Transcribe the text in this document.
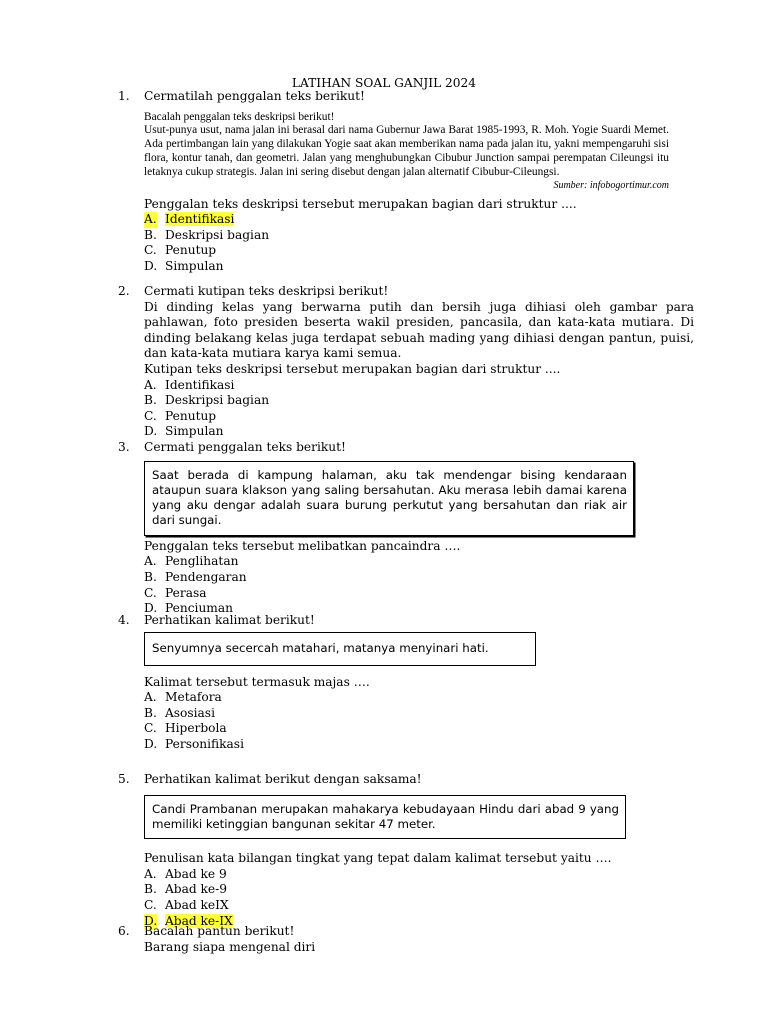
LATIHAN SOAL GANJIL 2024
1.	Cermatilah penggalan teks berikut!
Bacalah penggalan teks deskripsi berikut!
Usut-punya usut, nama jalan ini berasal dari nama Gubernur Jawa Barat 1985-1993, R. Moh. Yogie Suardi Memet. Ada pertimbangan lain yang dilakukan Yogie saat akan memberikan nama pada jalan itu, yakni mempengaruhi sisi flora, kontur tanah, dan geometri. Jalan yang menghubungkan Cibubur Junction sampai perempatan Cileungsi itu letaknya cukup strategis. Jalan ini sering disebut dengan jalan alternatif Cibubur-Cileungsi.
Sumber: infobogortimur.com
Penggalan teks deskripsi tersebut merupakan bagian dari struktur ....
A. Identifikasi
B. Deskripsi bagian
C. Penutup
D. Simpulan
2.	Cermati kutipan teks deskripsi berikut!
Di dinding kelas yang berwarna putih dan bersih juga dihiasi oleh gambar para pahlawan, foto presiden beserta wakil presiden, pancasila, dan kata-kata mutiara. Di dinding belakang kelas juga terdapat sebuah mading yang dihiasi dengan pantun, puisi, dan kata-kata mutiara karya kami semua.
Kutipan teks deskripsi tersebut merupakan bagian dari struktur ....
A. Identifikasi
B. Deskripsi bagian
C. Penutup
D. Simpulan
3.	Cermati penggalan teks berikut!
Saat berada di kampung halaman, aku tak mendengar bising kendaraan ataupun suara klakson yang saling bersahutan. Aku merasa lebih damai karena yang aku dengar adalah suara burung perkutut yang bersahutan dan riak air dari sungai.
Penggalan teks tersebut melibatkan pancaindra ….
A. Penglihatan
B. Pendengaran
C. Perasa
D. Penciuman
4.	Perhatikan kalimat berikut!
Senyumnya secercah matahari, matanya menyinari hati.
Kalimat tersebut termasuk majas ….
A. Metafora
B. Asosiasi
C. Hiperbola
D. Personifikasi
5.	Perhatikan kalimat berikut dengan saksama!
Candi Prambanan merupakan mahakarya kebudayaan Hindu dari abad 9 yang memiliki ketinggian bangunan sekitar 47 meter.
Penulisan kata bilangan tingkat yang tepat dalam kalimat tersebut yaitu ….
A. Abad ke 9
B. Abad ke-9
C. Abad keIX
D. Abad ke-IX
6.	Bacalah pantun berikut!
Barang siapa mengenal diri
